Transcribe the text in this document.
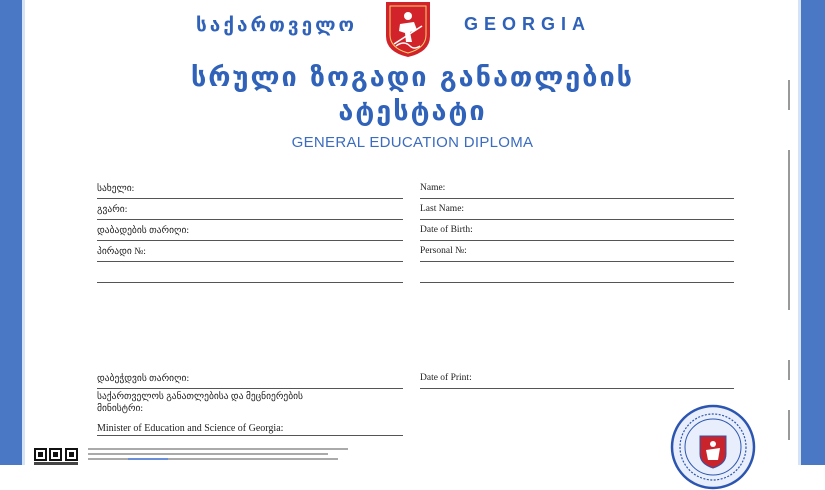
საქართველო	GEORGIA
სრული ზოგადი განათლების
ატესტატი
GENERAL EDUCATION DIPLOMA
სახელი:
გვარი:
დაბადების თარიღი:
პირადი №:
Name:
Last Name:
Date of Birth:
Personal №:
დაბეჭდვის თარიღი:	Date of Print:
საქართველოს განათლებისა და მეცნიერების მინისტრი:
Minister of Education and Science of Georgia:
